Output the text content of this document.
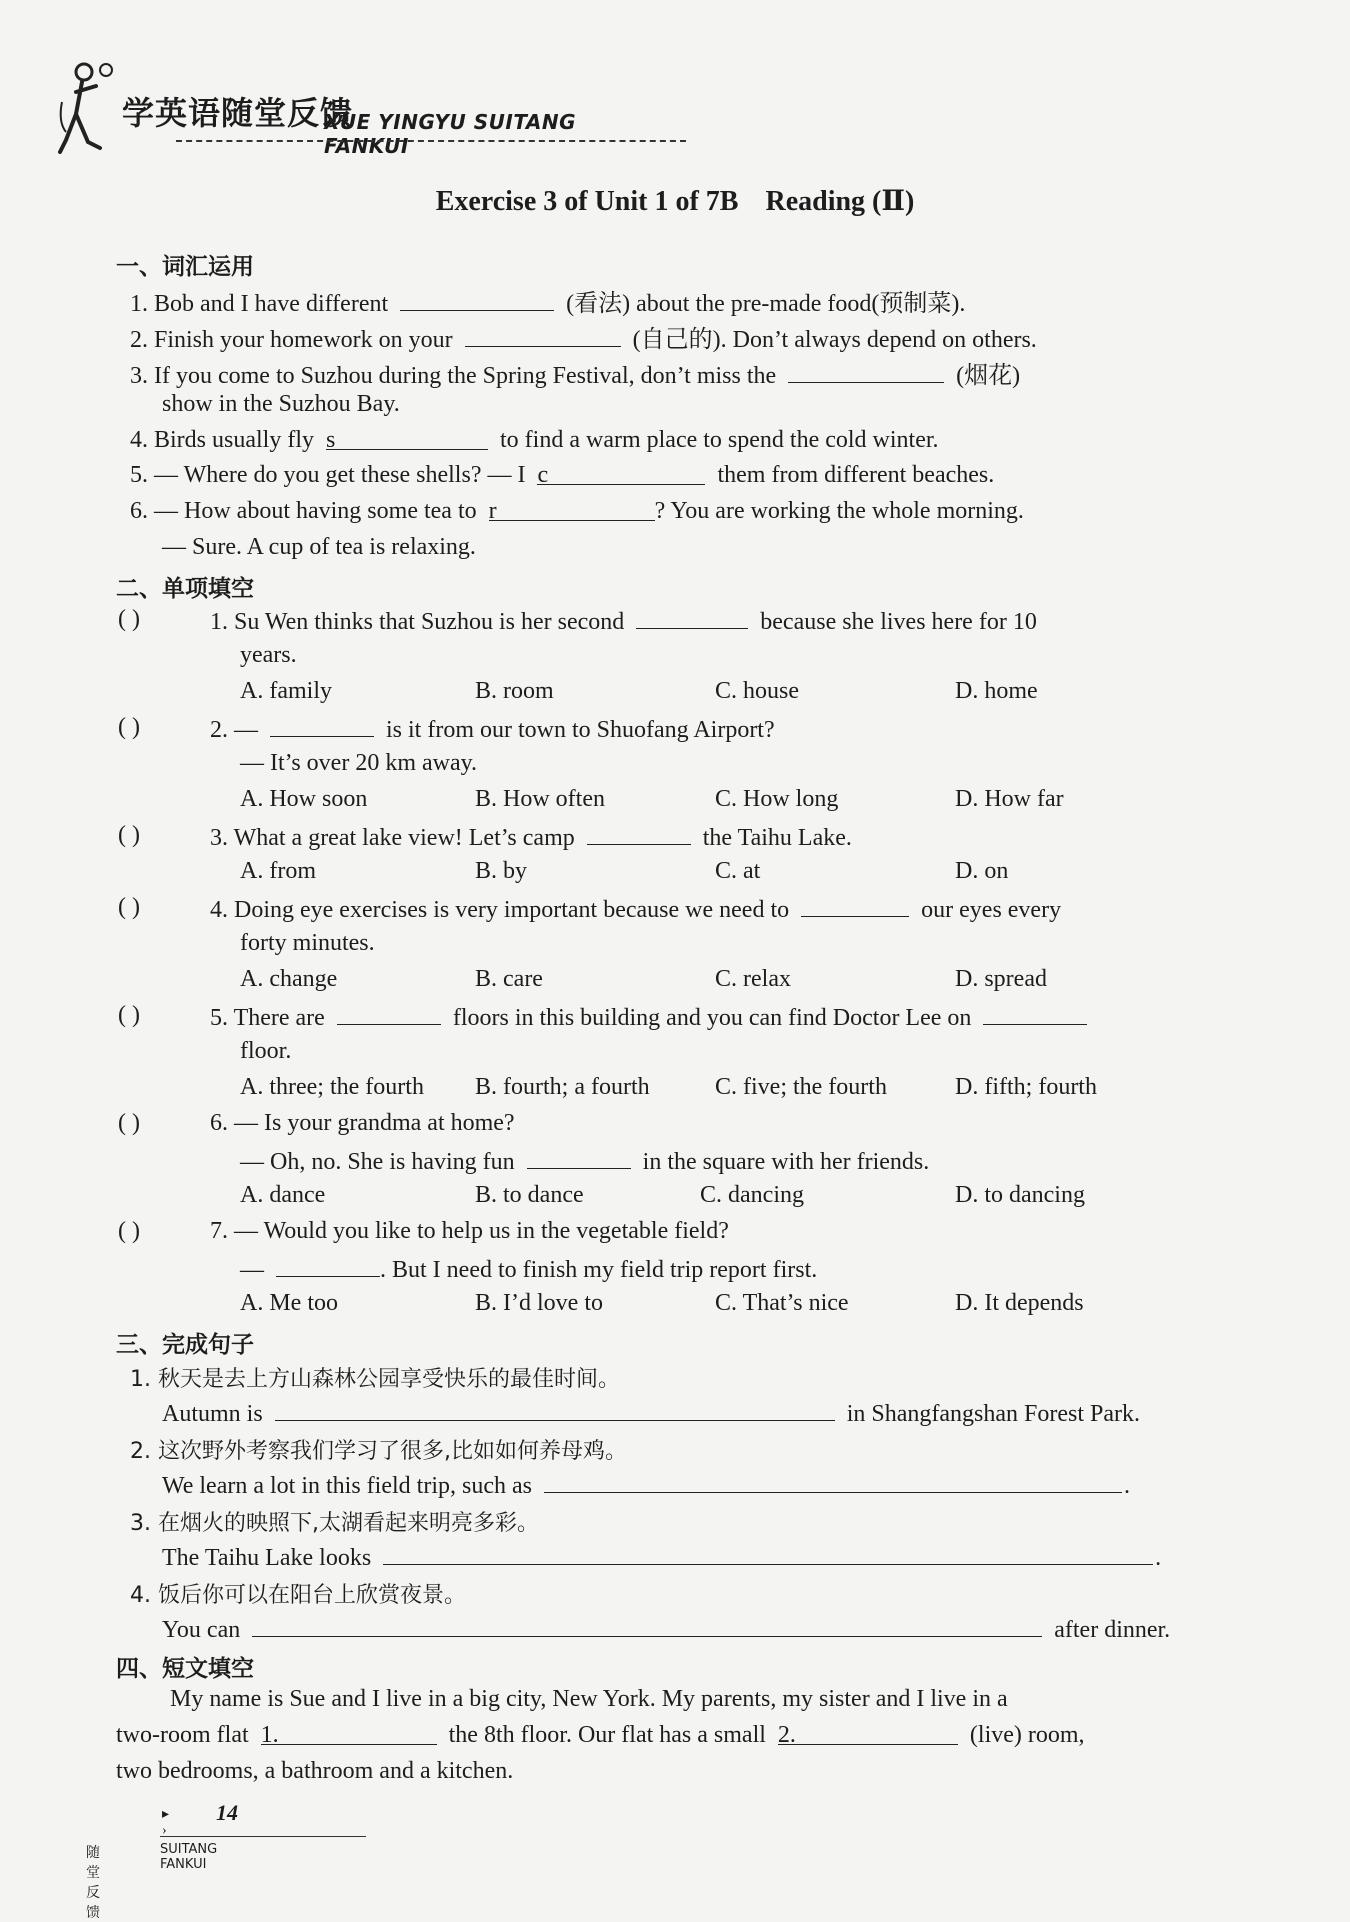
学英语随堂反馈
XUE YINGYU SUITANG FANKUI
Exercise 3 of Unit 1 of 7B Reading (Ⅱ)
一、词汇运用
1. Bob and I have different	(看法) about the pre-made food(预制菜).
2. Finish your homework on your	(自己的). Don’t always depend on others.
3. If you come to Suzhou during the Spring Festival, don’t miss the	(烟花)
show in the Suzhou Bay.
4. Birds usually fly s	to find a warm place to spend the cold winter.
5. — Where do you get these shells? — I c	them from different beaches.
6. — How about having some tea to r	? You are working the whole morning.
— Sure. A cup of tea is relaxing.
二、单项填空
( )	1. Su Wen thinks that Suzhou is her second	because she lives here for 10
years.
A. family	B. room	C. house	D. home
( )	2. —	is it from our town to Shuofang Airport?
— It’s over 20 km away.
A. How soon	B. How often	C. How long	D. How far
( )	3. What a great lake view! Let’s camp	the Taihu Lake.
A. from	B. by	C. at	D. on
( )	4. Doing eye exercises is very important because we need to	our eyes every
forty minutes.
A. change	B. care	C. relax	D. spread
( )	5. There are	floors in this building and you can find Doctor Lee on
floor.
A. three; the fourth B. fourth; a fourth	C. five; the fourth	D. fifth; fourth
( )	6. — Is your grandma at home?
— Oh, no. She is having fun	in the square with her friends.
A. dance	B. to dance	C. dancing	D. to dancing
( )	7. — Would you like to help us in the vegetable field?
—	. But I need to finish my field trip report first.
A. Me too	B. I’d love to	C. That’s nice	D. It depends
三、完成句子
1. 秋天是去上方山森林公园享受快乐的最佳时间。
Autumn is	in Shangfangshan Forest Park.
2. 这次野外考察我们学习了很多,比如如何养母鸡。
We learn a lot in this field trip, such as	.
3. 在烟火的映照下,太湖看起来明亮多彩。
The Taihu Lake looks	.
4. 饭后你可以在阳台上欣赏夜景。
You can	after dinner.
四、短文填空
My name is Sue and I live in a big city, New York. My parents, my sister and I live in a
two-room flat 1.	the 8th floor. Our flat has a small 2.	(live) room,
two bedrooms, a bathroom and a kitchen.
▸ ›
14
随堂反馈
SUITANG FANKUI
